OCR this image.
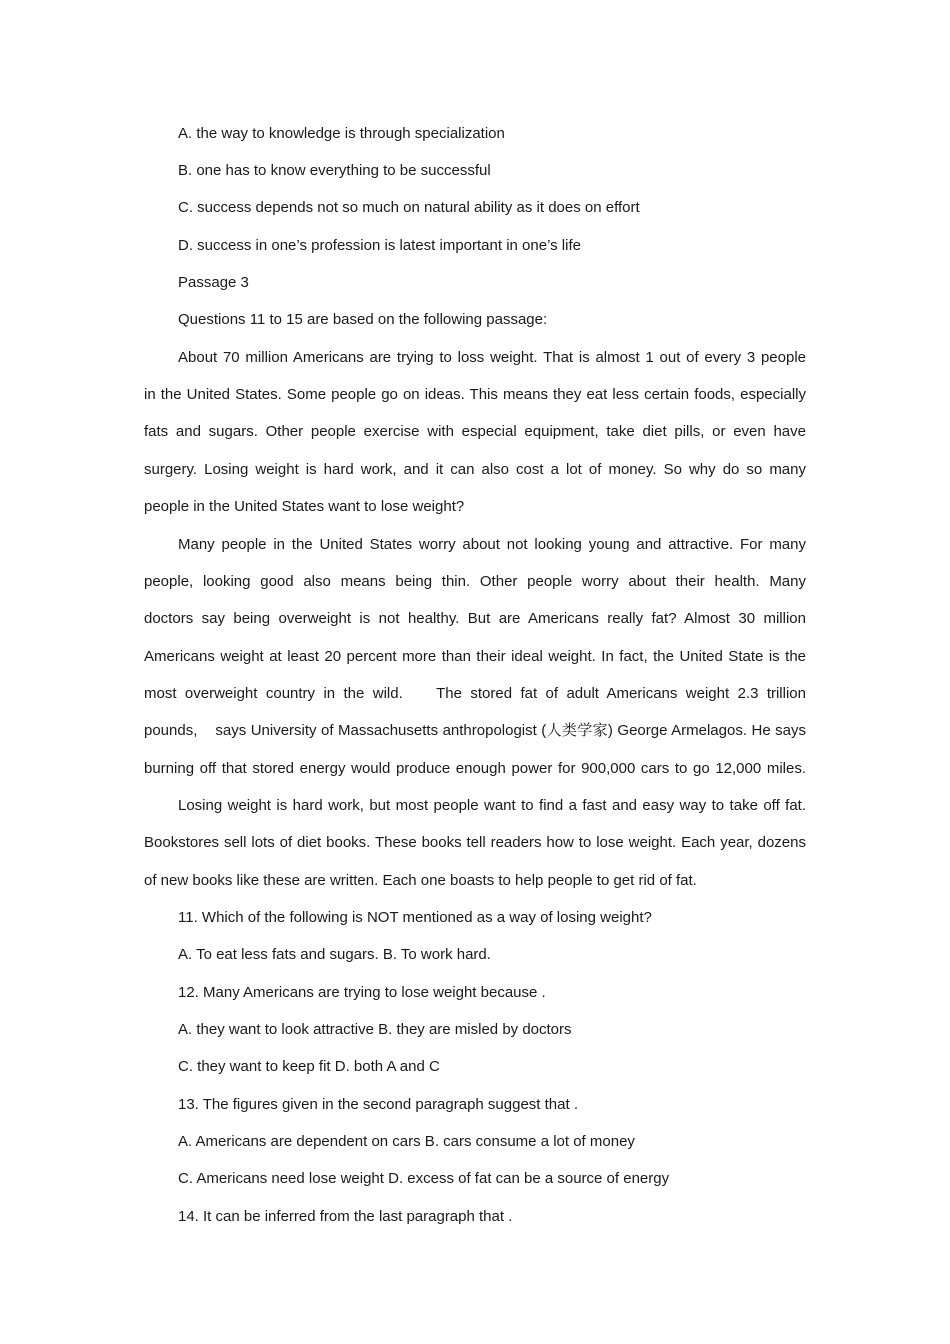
A. the way to knowledge is through specialization
B. one has to know everything to be successful
C. success depends not so much on natural ability as it does on effort
D. success in one’s profession is latest important in one’s life
Passage 3
Questions 11 to 15 are based on the following passage:
About 70 million Americans are trying to loss weight. That is almost 1 out of every 3 people
in the United States. Some people go on ideas. This means they eat less certain foods, especially
fats and sugars. Other people exercise with especial equipment, take diet pills, or even have
surgery. Losing weight is hard work, and it can also cost a lot of money. So why do so many
people in the United States want to lose weight?
Many people in the United States worry about not looking young and attractive. For many
people, looking good also means being thin. Other people worry about their health. Many
doctors say being overweight is not healthy. But are Americans really fat? Almost 30 million
Americans weight at least 20 percent more than their ideal weight. In fact, the United State is the
most overweight country in the wild.    The stored fat of adult Americans weight 2.3 trillion
pounds,    says University of Massachusetts anthropologist (人类学家) George Armelagos. He says
burning off that stored energy would produce enough power for 900,000 cars to go 12,000 miles.
Losing weight is hard work, but most people want to find a fast and easy way to take off fat.
Bookstores sell lots of diet books. These books tell readers how to lose weight. Each year, dozens
of new books like these are written. Each one boasts to help people to get rid of fat.
11. Which of the following is NOT mentioned as a way of losing weight?
A. To eat less fats and sugars. B. To work hard.
12. Many Americans are trying to lose weight because .
A. they want to look attractive B. they are misled by doctors
C. they want to keep fit D. both A and C
13. The figures given in the second paragraph suggest that .
A. Americans are dependent on cars B. cars consume a lot of money
C. Americans need lose weight D. excess of fat can be a source of energy
14. It can be inferred from the last paragraph that .
